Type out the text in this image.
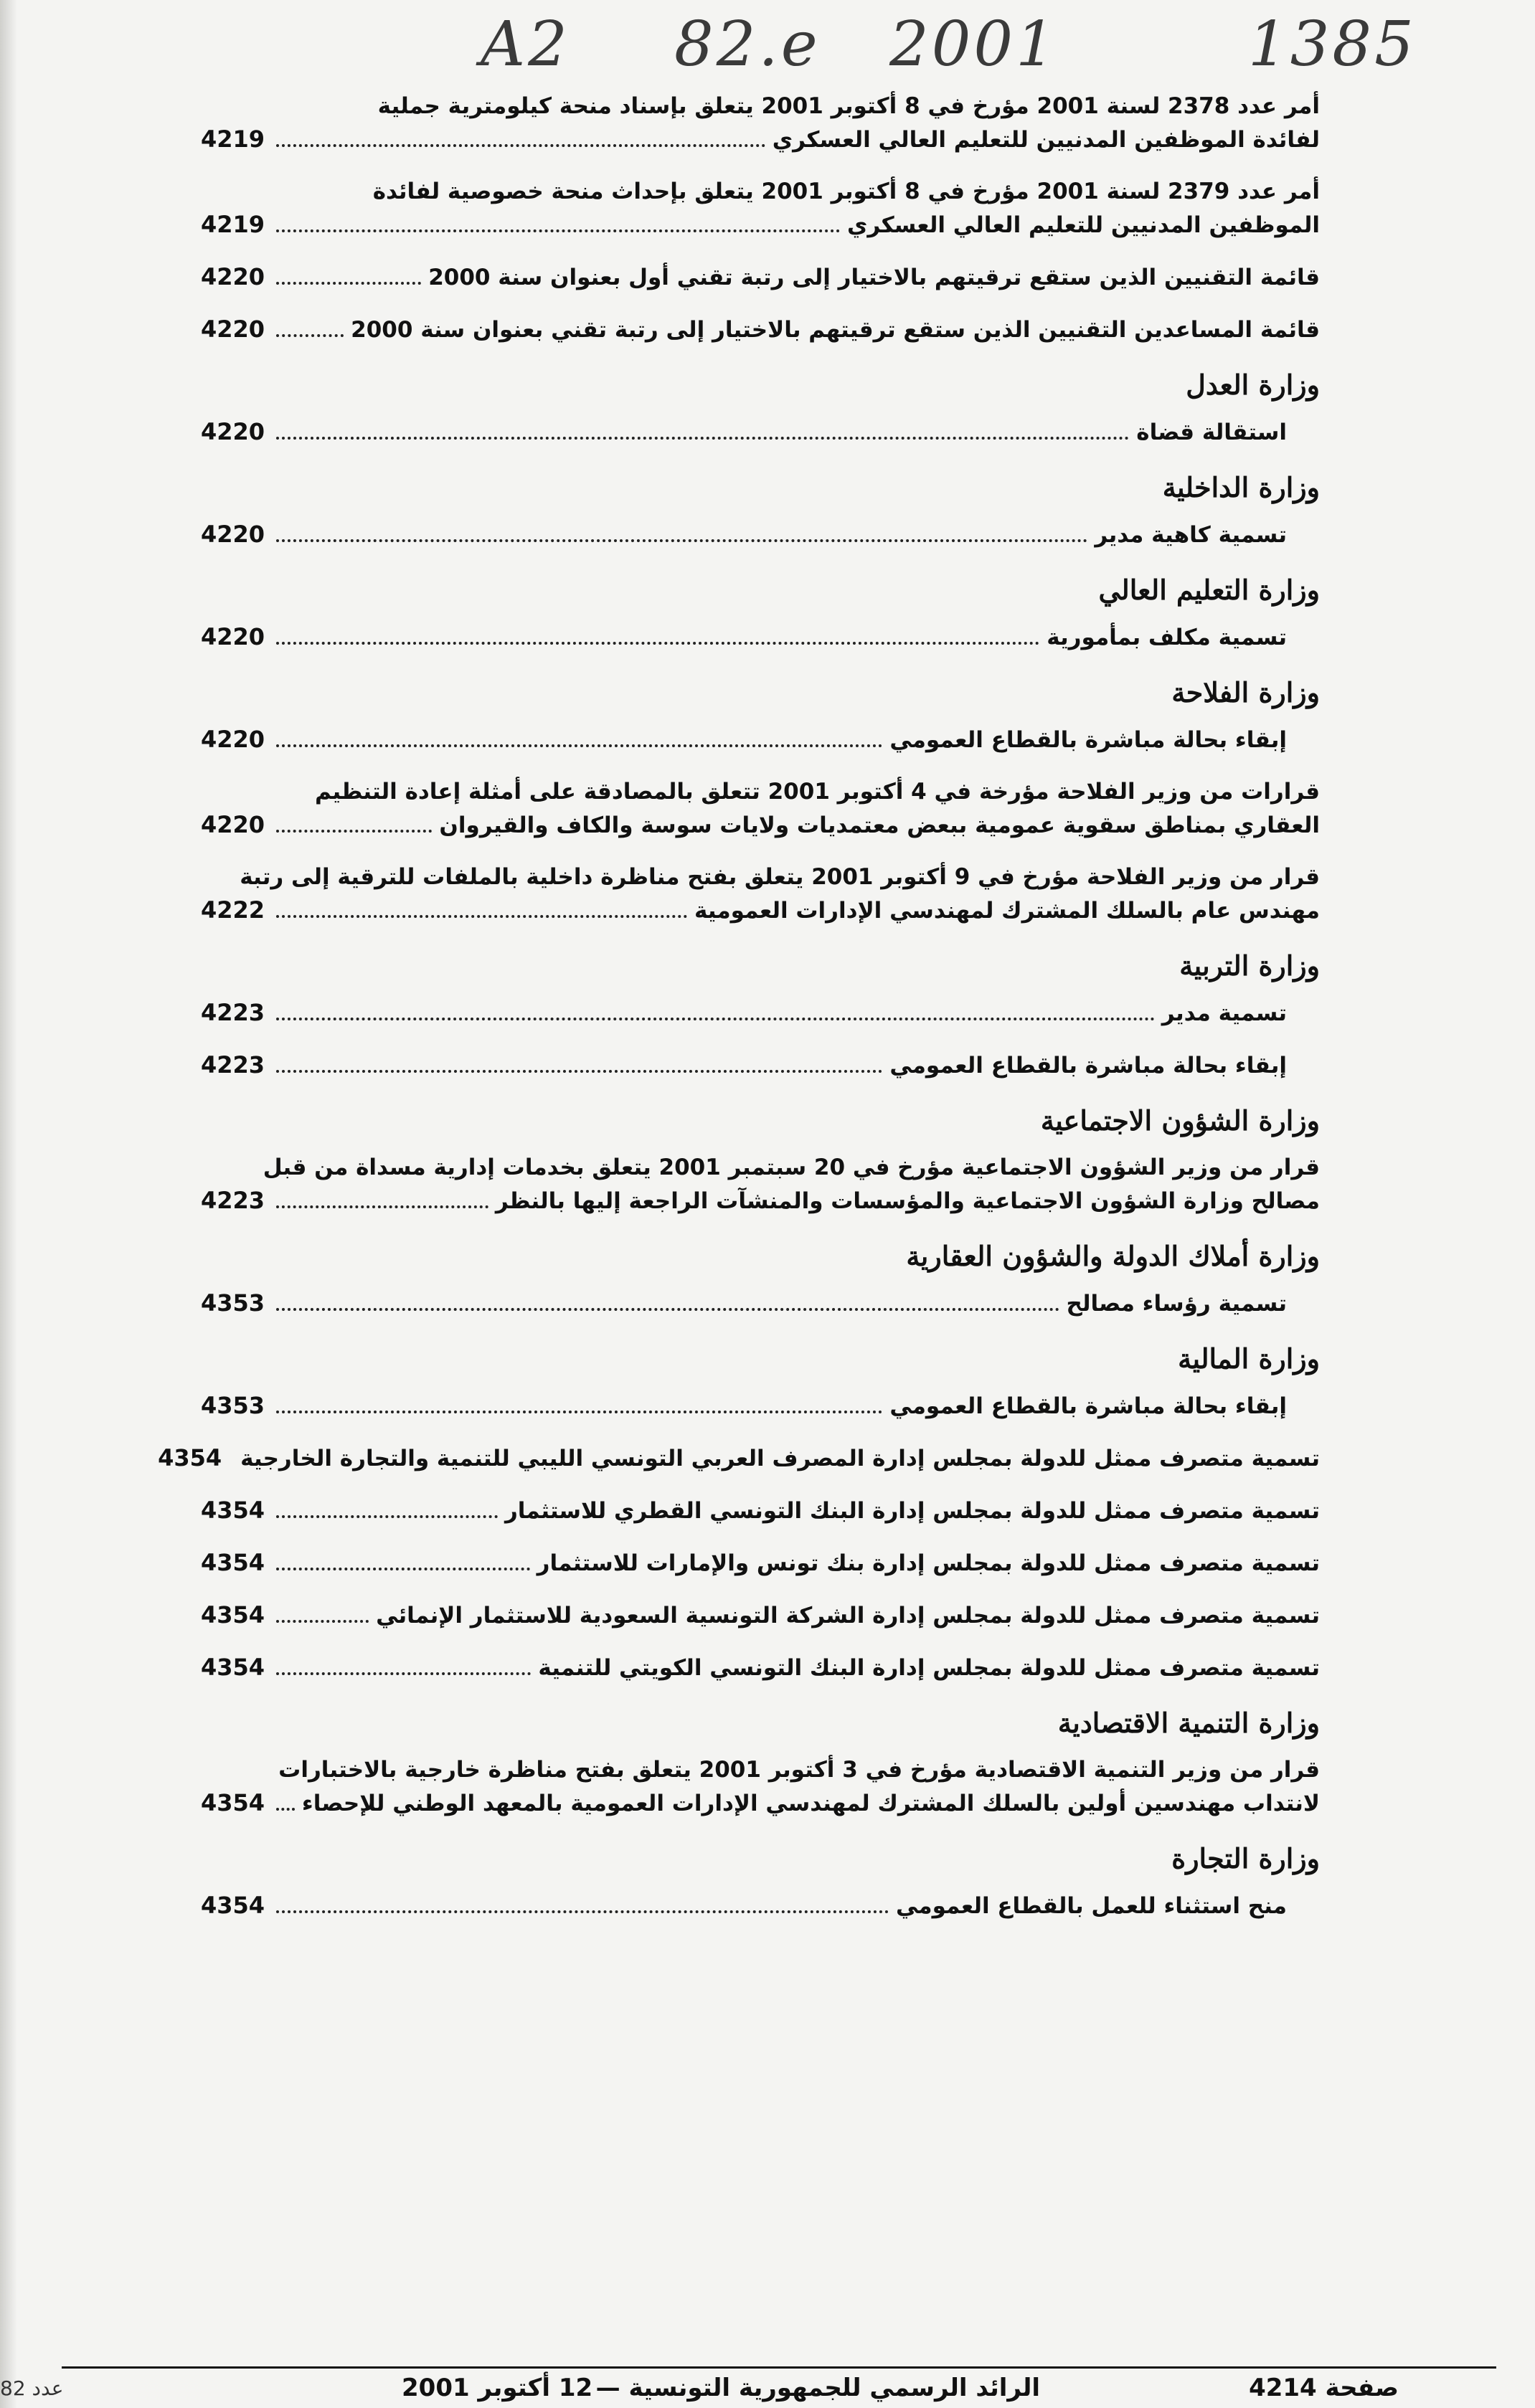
A2 82.e 2001	1385
أمر عدد 2378 لسنة 2001 مؤرخ في 8 أكتوبر 2001 يتعلق بإسناد منحة كيلومترية جملية
لفائدة الموظفين المدنيين للتعليم العالي العسكري
4219
أمر عدد 2379 لسنة 2001 مؤرخ في 8 أكتوبر 2001 يتعلق بإحداث منحة خصوصية لفائدة
الموظفين المدنيين للتعليم العالي العسكري
4219
قائمة التقنيين الذين ستقع ترقيتهم بالاختيار إلى رتبة تقني أول بعنوان سنة 2000
4220
قائمة المساعدين التقنيين الذين ستقع ترقيتهم بالاختيار إلى رتبة تقني بعنوان سنة 2000
4220
وزارة العدل
استقالة قضاة
4220
وزارة الداخلية
تسمية كاهية مدير
4220
وزارة التعليم العالي
تسمية مكلف بمأمورية
4220
وزارة الفلاحة
إبقاء بحالة مباشرة بالقطاع العمومي
4220
قرارات من وزير الفلاحة مؤرخة في 4 أكتوبر 2001 تتعلق بالمصادقة على أمثلة إعادة التنظيم
العقاري بمناطق سقوية عمومية ببعض معتمديات ولايات سوسة والكاف والقيروان
4220
قرار من وزير الفلاحة مؤرخ في 9 أكتوبر 2001 يتعلق بفتح مناظرة داخلية بالملفات للترقية إلى رتبة
مهندس عام بالسلك المشترك لمهندسي الإدارات العمومية
4222
وزارة التربية
تسمية مدير
4223
إبقاء بحالة مباشرة بالقطاع العمومي
4223
وزارة الشؤون الاجتماعية
قرار من وزير الشؤون الاجتماعية مؤرخ في 20 سبتمبر 2001 يتعلق بخدمات إدارية مسداة من قبل
مصالح وزارة الشؤون الاجتماعية والمؤسسات والمنشآت الراجعة إليها بالنظر
4223
وزارة أملاك الدولة والشؤون العقارية
تسمية رؤساء مصالح
4353
وزارة المالية
إبقاء بحالة مباشرة بالقطاع العمومي
4353
تسمية متصرف ممثل للدولة بمجلس إدارة المصرف العربي التونسي الليبي للتنمية والتجارة الخارجية
4354
تسمية متصرف ممثل للدولة بمجلس إدارة البنك التونسي القطري للاستثمار
4354
تسمية متصرف ممثل للدولة بمجلس إدارة بنك تونس والإمارات للاستثمار
4354
تسمية متصرف ممثل للدولة بمجلس إدارة الشركة التونسية السعودية للاستثمار الإنمائي
4354
تسمية متصرف ممثل للدولة بمجلس إدارة البنك التونسي الكويتي للتنمية
4354
وزارة التنمية الاقتصادية
قرار من وزير التنمية الاقتصادية مؤرخ في 3 أكتوبر 2001 يتعلق بفتح مناظرة خارجية بالاختبارات
لانتداب مهندسين أولين بالسلك المشترك لمهندسي الإدارات العمومية بالمعهد الوطني للإحصاء
4354
وزارة التجارة
منح استثناء للعمل بالقطاع العمومي
4354
صفحة 4214
الرائد الرسمي للجمهورية التونسية —
12 أكتوبر 2001
عدد 82
